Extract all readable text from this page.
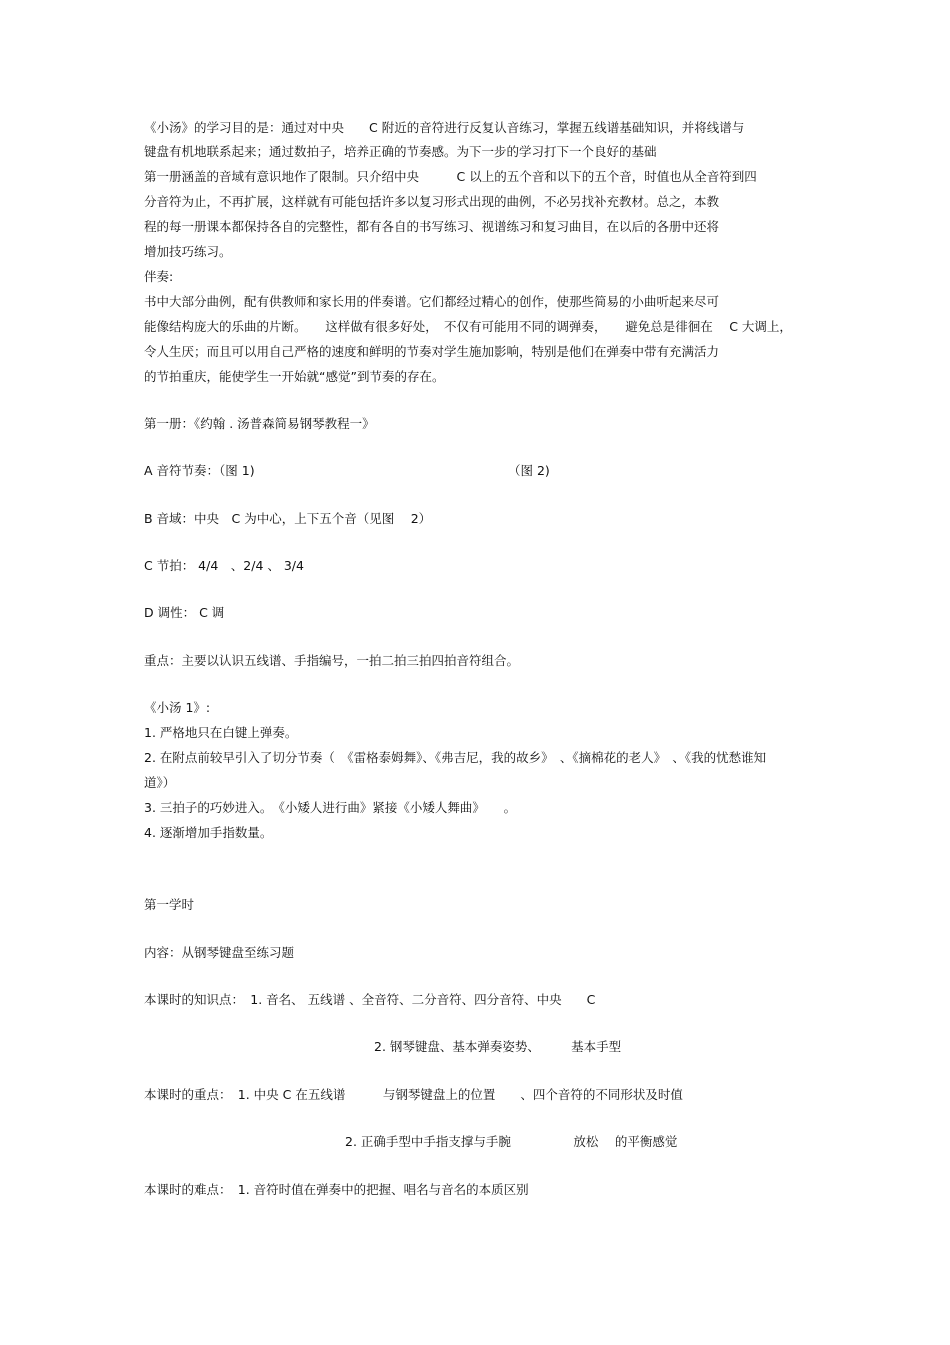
《小汤》的学习目的是：通过对中央　　C 附近的音符进行反复认音练习，掌握五线谱基础知识，并将线谱与
键盘有机地联系起来；通过数拍子，培养正确的节奏感。为下一步的学习打下一个良好的基础
第一册涵盖的音域有意识地作了限制。只介绍中央　　　C 以上的五个音和以下的五个音，时值也从全音符到四
分音符为止，不再扩展，这样就有可能包括许多以复习形式出现的曲例，不必另找补充教材。总之，本教
程的每一册课本都保持各自的完整性，都有各自的书写练习、视谱练习和复习曲目，在以后的各册中还将
增加技巧练习。
伴奏:
书中大部分曲例，配有供教师和家长用的伴奏谱。它们都经过精心的创作，使那些简易的小曲听起来尽可
能像结构庞大的乐曲的片断。　　这样做有很多好处，　不仅有可能用不同的调弹奏，　　避免总是徘徊在　 C 大调上，
令人生厌；而且可以用自己严格的速度和鲜明的节奏对学生施加影响，特别是他们在弹奏中带有充满活力
的节拍重庆，能使学生一开始就“感觉”到节奏的存在。
第一册：《约翰 . 汤普森简易钢琴教程一》
A 音符节奏：（图 1)	（图 2)
B 音域：中央　C 为中心，上下五个音（见图　 2）
C 节拍： 4/4　、2/4 、 3/4
D 调性： C 调
重点：主要以认识五线谱、手指编号，一拍二拍三拍四拍音符组合。
《小汤 1》:
1. 严格地只在白键上弹奏。
2. 在附点前较早引入了切分节奏（　《雷格泰姆舞》、《弗吉尼，我的故乡》　、《摘棉花的老人》　、《我的忧愁谁知
道》）
3. 三拍子的巧妙进入。　《小矮人进行曲》紧接《小矮人舞曲》　　。
4. 逐渐增加手指数量。
第一学时
内容：从钢琴键盘至练习题
本课时的知识点：　1. 音名、 五线谱 、全音符、二分音符、四分音符、中央　　C
2. 钢琴键盘、基本弹奏姿势、　　　基本手型
本课时的重点：　1. 中央 C 在五线谱　　　与钢琴键盘上的位置　　、四个音符的不同形状及时值
2. 正确手型中手指支撑与手腕　　　　　放松　 的平衡感觉
本课时的难点：　1. 音符时值在弹奏中的把握、唱名与音名的本质区别
